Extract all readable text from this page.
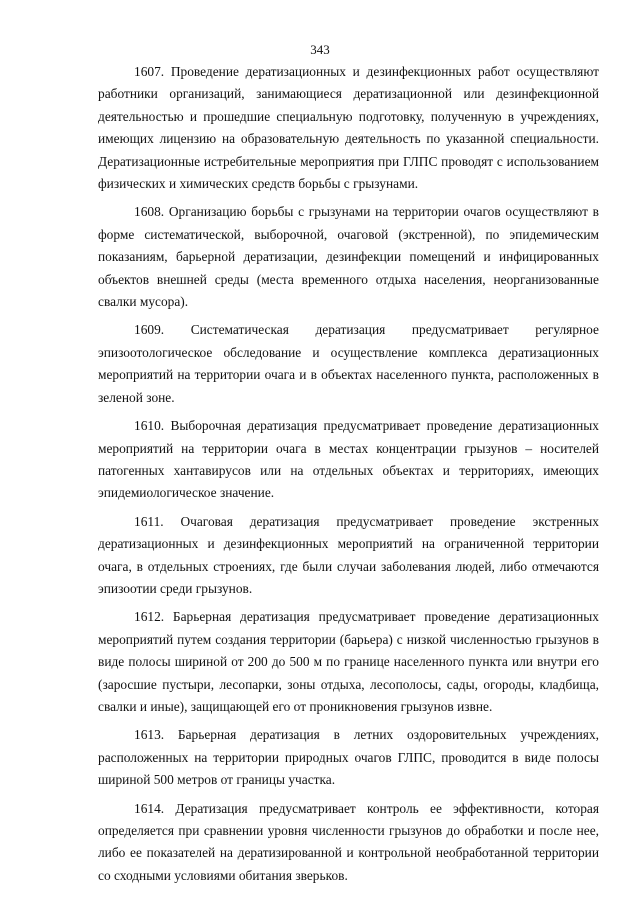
343

1607. Проведение дератизационных и дезинфекционных работ осуществляют работники организаций, занимающиеся дератизационной или дезинфекционной деятельностью и прошедшие специальную подготовку, полученную в учреждениях, имеющих лицензию на образовательную деятельность по указанной специальности. Дератизационные истребительные мероприятия при ГЛПС проводят с использованием физических и химических средств борьбы с грызунами.

1608. Организацию борьбы с грызунами на территории очагов осуществляют в форме систематической, выборочной, очаговой (экстренной), по эпидемическим показаниям, барьерной дератизации, дезинфекции помещений и инфицированных объектов внешней среды (места временного отдыха населения, неорганизованные свалки мусора).

1609. Систематическая дератизация предусматривает регулярное эпизоотологическое обследование и осуществление комплекса дератизационных мероприятий на территории очага и в объектах населенного пункта, расположенных в зеленой зоне.

1610. Выборочная дератизация предусматривает проведение дератизационных мероприятий на территории очага в местах концентрации грызунов – носителей патогенных хантавирусов или на отдельных объектах и территориях, имеющих эпидемиологическое значение.

1611. Очаговая дератизация предусматривает проведение экстренных дератизационных и дезинфекционных мероприятий на ограниченной территории очага, в отдельных строениях, где были случаи заболевания людей, либо отмечаются эпизоотии среди грызунов.

1612. Барьерная дератизация предусматривает проведение дератизационных мероприятий путем создания территории (барьера) с низкой численностью грызунов в виде полосы шириной от 200 до 500 м по границе населенного пункта или внутри его (заросшие пустыри, лесопарки, зоны отдыха, лесополосы, сады, огороды, кладбища, свалки и иные), защищающей его от проникновения грызунов извне.

1613. Барьерная дератизация в летних оздоровительных учреждениях, расположенных на территории природных очагов ГЛПС, проводится в виде полосы шириной 500 метров от границы участка.

1614. Дератизация предусматривает контроль ее эффективности, которая определяется при сравнении уровня численности грызунов до обработки и после нее, либо ее показателей на дератизированной и контрольной необработанной территории со сходными условиями обитания зверьков.
